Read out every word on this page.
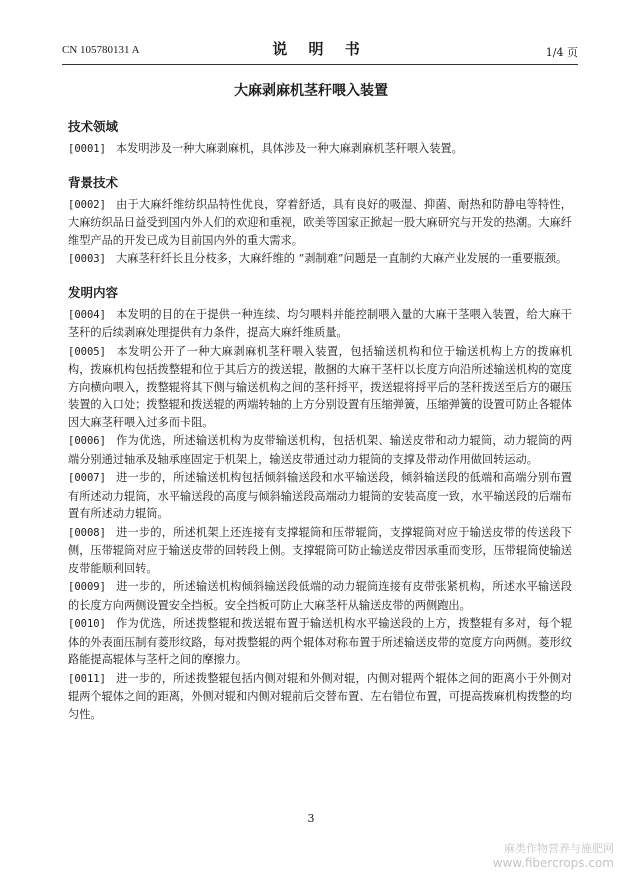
CN 105780131 A	说 明 书	1/4 页
大麻剥麻机茎秆喂入装置
技术领域
[0001] 本发明涉及一种大麻剥麻机，具体涉及一种大麻剥麻机茎秆喂入装置。
背景技术
[0002] 由于大麻纤维纺织品特性优良，穿着舒适，具有良好的吸湿、抑菌、耐热和防静电等特性，大麻纺织品日益受到国内外人们的欢迎和重视，欧美等国家正掀起一股大麻研究与开发的热潮。大麻纤维型产品的开发已成为目前国内外的重大需求。
[0003] 大麻茎秆纤长且分枝多，大麻纤维的 “剥制难”问题是一直制约大麻产业发展的一重要瓶颈。
发明内容
[0004] 本发明的目的在于提供一种连续、均匀喂料并能控制喂入量的大麻干茎喂入装置，给大麻干茎秆的后续剥麻处理提供有力条件，提高大麻纤维质量。
[0005] 本发明公开了一种大麻剥麻机茎秆喂入装置，包括输送机构和位于输送机构上方的拨麻机构，拨麻机构包括拨整辊和位于其后方的拨送辊，散捆的大麻干茎杆以长度方向沿所述输送机构的宽度方向横向喂入，拨整辊将其下侧与输送机构之间的茎秆捋平，拨送辊将捋平后的茎秆拨送至后方的碾压装置的入口处；拨整辊和拨送辊的两端转轴的上方分别设置有压缩弹簧，压缩弹簧的设置可防止各辊体因大麻茎秆喂入过多而卡阻。
[0006] 作为优选，所述输送机构为皮带输送机构，包括机架、输送皮带和动力辊筒，动力辊筒的两端分别通过轴承及轴承座固定于机架上，输送皮带通过动力辊筒的支撑及带动作用做回转运动。
[0007] 进一步的，所述输送机构包括倾斜输送段和水平输送段，倾斜输送段的低端和高端分别布置有所述动力辊筒，水平输送段的高度与倾斜输送段高端动力辊筒的安装高度一致，水平输送段的后端布置有所述动力辊筒。
[0008] 进一步的，所述机架上还连接有支撑辊筒和压带辊筒，支撑辊筒对应于输送皮带的传送段下侧，压带辊筒对应于输送皮带的回转段上侧。支撑辊筒可防止输送皮带因承重而变形，压带辊筒使输送皮带能顺利回转。
[0009] 进一步的，所述输送机构倾斜输送段低端的动力辊筒连接有皮带张紧机构，所述水平输送段的长度方向两侧设置安全挡板。安全挡板可防止大麻茎杆从输送皮带的两侧跑出。
[0010] 作为优选，所述拨整辊和拨送辊布置于输送机构水平输送段的上方，拨整辊有多对，每个辊体的外表面压制有菱形纹路，每对拨整辊的两个辊体对称布置于所述输送皮带的宽度方向两侧。菱形纹路能提高辊体与茎杆之间的摩擦力。
[0011] 进一步的，所述拨整辊包括内侧对辊和外侧对辊，内侧对辊两个辊体之间的距离小于外侧对辊两个辊体之间的距离，外侧对辊和内侧对辊前后交替布置、左右错位布置，可提高拨麻机构拨整的均匀性。
3
麻类作物营养与施肥网
www.fibercrops.com
